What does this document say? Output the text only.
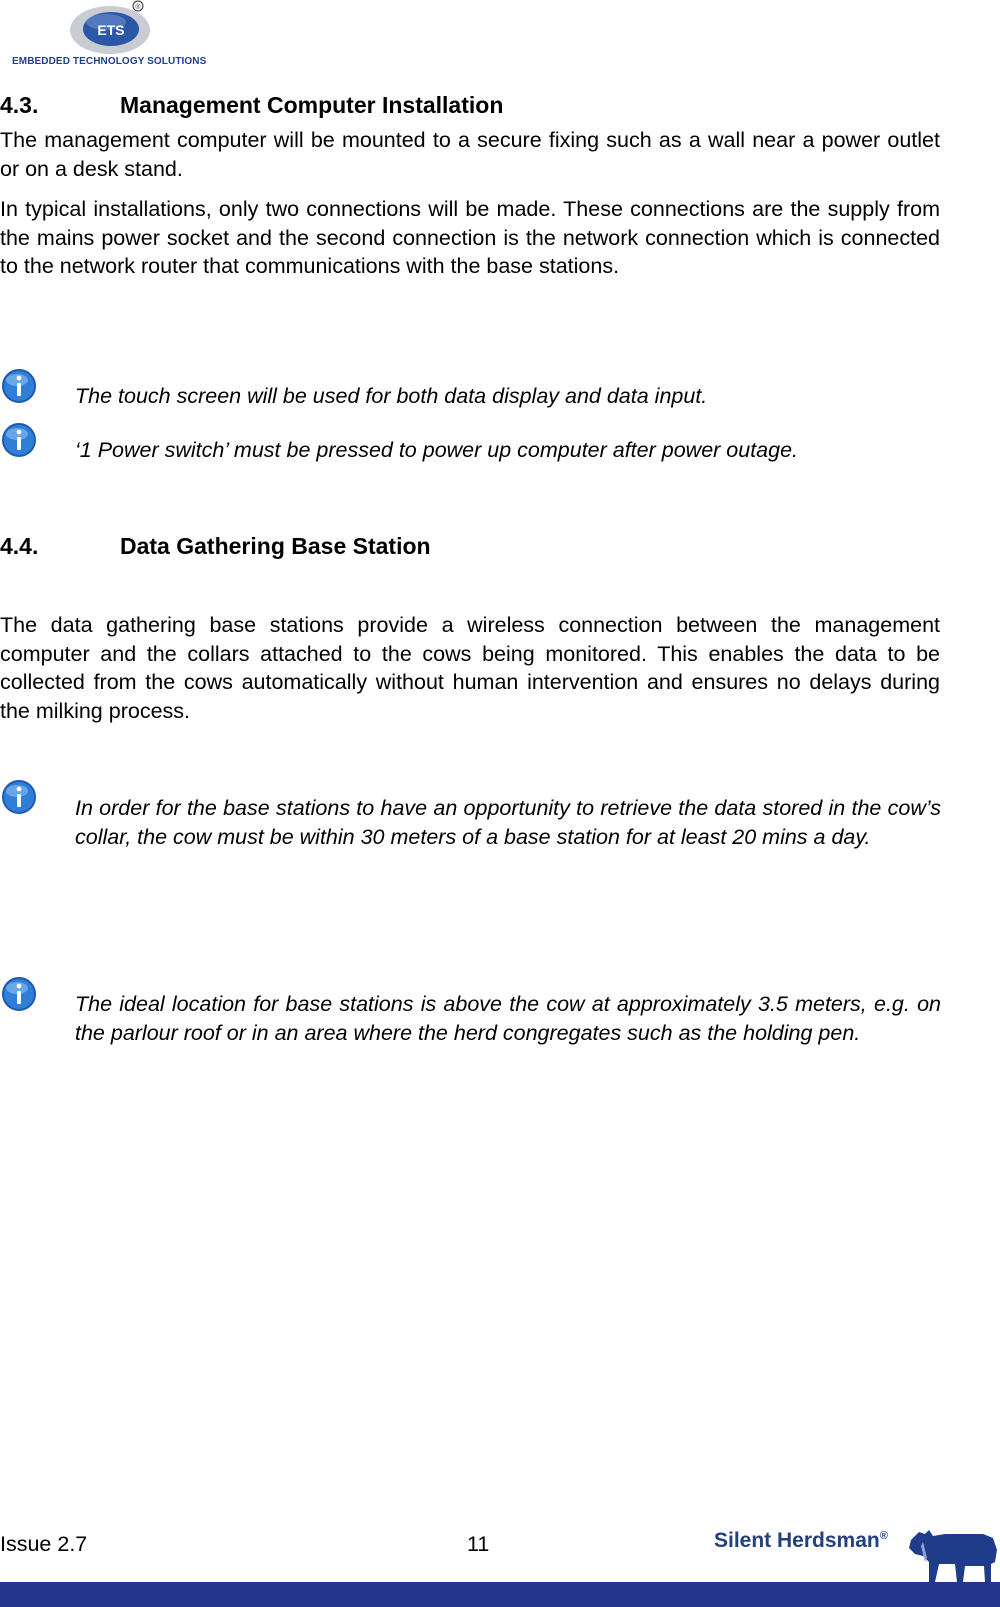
ETS
®
EMBEDDED TECHNOLOGY SOLUTIONS
4.3.	Management Computer Installation

The management computer will be mounted to a secure fixing such as a wall near a power outlet or on a desk stand.

In typical installations, only two connections will be made. These connections are the supply from the mains power socket and the second connection is the network connection which is connected to the network router that communications with the base stations.

The touch screen will be used for both data display and data input.
‘1 Power switch’ must be pressed to power up computer after power outage.
4.4.	Data Gathering Base Station

The data gathering base stations provide a wireless connection between the management computer and the collars attached to the cows being monitored. This enables the data to be collected from the cows automatically without human intervention and ensures no delays during the milking process.

In order for the base stations to have an opportunity to retrieve the data stored in the cow’s collar, the cow must be within 30 meters of a base station for at least 20 mins a day.
The ideal location for base stations is above the cow at approximately 3.5 meters, e.g. on the parlour roof or in an area where the herd congregates such as the holding pen.
Issue 2.7	11	Silent Herdsman®
